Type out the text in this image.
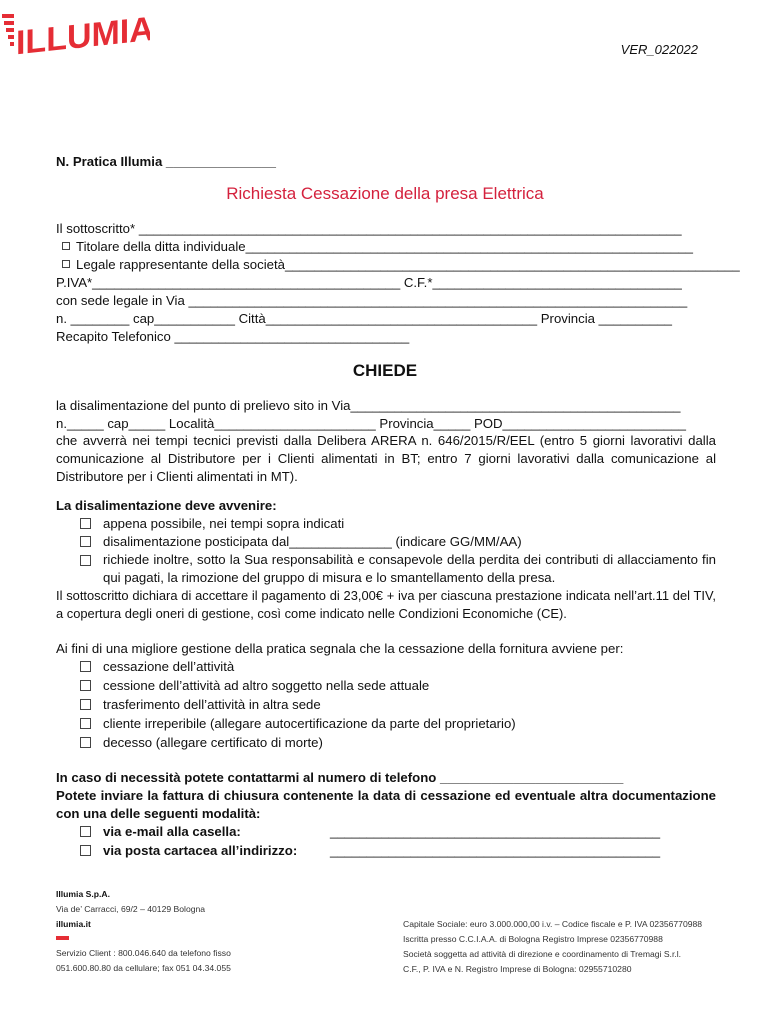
VER_022022
ILLUMIA
N. Pratica Illumia _______________
Richiesta Cessazione della presa Elettrica
Il sottoscritto* __________________________________________________________________________
Titolare della ditta individuale_____________________________________________________________
Legale rappresentante della società______________________________________________________________
P.IVA*__________________________________________ C.F.*__________________________________
con sede legale in Via ____________________________________________________________________
n. ________ cap___________ Città_____________________________________ Provincia __________
Recapito Telefonico ________________________________
CHIEDE
la disalimentazione del punto di prelievo sito in Via_____________________________________________
n._____ cap_____ Località______________________ Provincia_____ POD_________________________
che avverrà nei tempi tecnici previsti dalla Delibera ARERA n. 646/2015/R/EEL (entro 5 giorni lavorativi dalla comunicazione al Distributore per i Clienti alimentati in BT; entro 7 giorni lavorativi dalla comunicazione al Distributore per i Clienti alimentati in MT).
La disalimentazione deve avvenire:
appena possibile, nei tempi sopra indicati
disalimentazione posticipata dal______________ (indicare GG/MM/AA)
richiede inoltre, sotto la Sua responsabilità e consapevole della perdita dei contributi di allacciamento fin qui pagati, la rimozione del gruppo di misura e lo smantellamento della presa.
Il sottoscritto dichiara di accettare il pagamento di 23,00€ + iva per ciascuna prestazione indicata nell’art.11 del TIV, a copertura degli oneri di gestione, così come indicato nelle Condizioni Economiche (CE).
Ai fini di una migliore gestione della pratica segnala che la cessazione della fornitura avviene per:
cessazione dell’attività
cessione dell’attività ad altro soggetto nella sede attuale
trasferimento dell’attività in altra sede
cliente irreperibile (allegare autocertificazione da parte del proprietario)
decesso (allegare certificato di morte)
In caso di necessità potete contattarmi al numero di telefono _________________________
Potete inviare la fattura di chiusura contenente la data di cessazione ed eventuale altra documentazione con una delle seguenti modalità:
via e-mail alla casella:	_____________________________________________
via posta cartacea all’indirizzo: _____________________________________________
Illumia S.p.A.
Via de’ Carracci, 69/2 – 40129 Bologna
illumia.it
Servizio Client : 800.046.640 da telefono fisso
051.600.80.80 da cellulare; fax 051 04.34.055
Capitale Sociale: euro 3.000.000,00 i.v. – Codice fiscale e P. IVA 02356770988
Iscritta presso C.C.I.A.A. di Bologna Registro Imprese 02356770988
Società soggetta ad attività di direzione e coordinamento di Tremagi S.r.l.
C.F., P. IVA e N. Registro Imprese di Bologna: 02955710280
